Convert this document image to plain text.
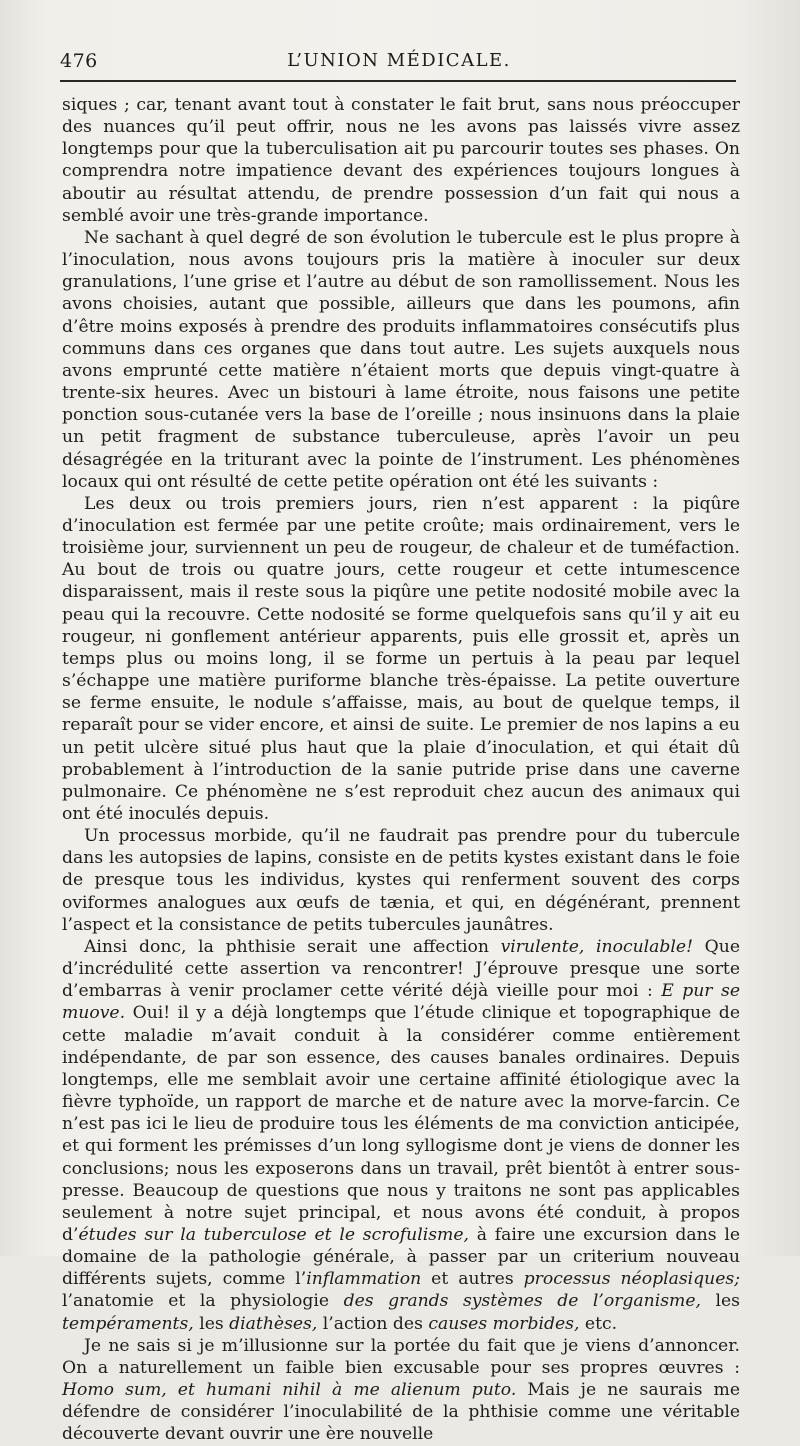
476	L’UNION MÉDICALE.

siques ; car, tenant avant tout à constater le fait brut, sans nous préoccuper des nuances qu’il peut offrir, nous ne les avons pas laissés vivre assez longtemps pour que la tuberculisation ait pu parcourir toutes ses phases. On comprendra notre impatience devant des expériences toujours longues à aboutir au résultat attendu, de prendre possession d’un fait qui nous a semblé avoir une très-grande importance.

Ne sachant à quel degré de son évolution le tubercule est le plus propre à l’inoculation, nous avons toujours pris la matière à inoculer sur deux granulations, l’une grise et l’autre au début de son ramollissement. Nous les avons choisies, autant que possible, ailleurs que dans les poumons, afin d’être moins exposés à prendre des produits inflammatoires consécutifs plus communs dans ces organes que dans tout autre. Les sujets auxquels nous avons emprunté cette matière n’étaient morts que depuis vingt-quatre à trente-six heures. Avec un bistouri à lame étroite, nous faisons une petite ponction sous-cutanée vers la base de l’oreille ; nous insinuons dans la plaie un petit fragment de substance tuberculeuse, après l’avoir un peu désagrégée en la triturant avec la pointe de l’instrument. Les phénomènes locaux qui ont résulté de cette petite opération ont été les suivants :

Les deux ou trois premiers jours, rien n’est apparent : la piqûre d’inoculation est fermée par une petite croûte; mais ordinairement, vers le troisième jour, surviennent un peu de rougeur, de chaleur et de tuméfaction. Au bout de trois ou quatre jours, cette rougeur et cette intumescence disparaissent, mais il reste sous la piqûre une petite nodosité mobile avec la peau qui la recouvre. Cette nodosité se forme quelquefois sans qu’il y ait eu rougeur, ni gonflement antérieur apparents, puis elle grossit et, après un temps plus ou moins long, il se forme un pertuis à la peau par lequel s’échappe une matière puriforme blanche très-épaisse. La petite ouverture se ferme ensuite, le nodule s’affaisse, mais, au bout de quelque temps, il reparaît pour se vider encore, et ainsi de suite. Le premier de nos lapins a eu un petit ulcère situé plus haut que la plaie d’inoculation, et qui était dû probablement à l’introduction de la sanie putride prise dans une caverne pulmonaire. Ce phénomène ne s’est reproduit chez aucun des animaux qui ont été inoculés depuis.

Un processus morbide, qu’il ne faudrait pas prendre pour du tubercule dans les autopsies de lapins, consiste en de petits kystes existant dans le foie de presque tous les individus, kystes qui renferment souvent des corps oviformes analogues aux œufs de tænia, et qui, en dégénérant, prennent l’aspect et la consistance de petits tubercules jaunâtres.

Ainsi donc, la phthisie serait une affection virulente, inoculable! Que d’incrédulité cette assertion va rencontrer! J’éprouve presque une sorte d’embarras à venir proclamer cette vérité déjà vieille pour moi : E pur se muove. Oui! il y a déjà longtemps que l’étude clinique et topographique de cette maladie m’avait conduit à la considérer comme entièrement indépendante, de par son essence, des causes banales ordinaires. Depuis longtemps, elle me semblait avoir une certaine affinité étiologique avec la fièvre typhoïde, un rapport de marche et de nature avec la morve-farcin. Ce n’est pas ici le lieu de produire tous les éléments de ma conviction anticipée, et qui forment les prémisses d’un long syllogisme dont je viens de donner les conclusions; nous les exposerons dans un travail, prêt bientôt à entrer sous-presse. Beaucoup de questions que nous y traitons ne sont pas applicables seulement à notre sujet principal, et nous avons été conduit, à propos d’études sur la tuberculose et le scrofulisme, à faire une excursion dans le domaine de la pathologie générale, à passer par un criterium nouveau différents sujets, comme l’inflammation et autres processus néoplasiques; l’anatomie et la physiologie des grands systèmes de l’organisme, les tempéraments, les diathèses, l’action des causes morbides, etc.

Je ne sais si je m’illusionne sur la portée du fait que je viens d’annoncer. On a naturellement un faible bien excusable pour ses propres œuvres : Homo sum, et humani nihil à me alienum puto. Mais je ne saurais me défendre de considérer l’inoculabilité de la phthisie comme une véritable découverte devant ouvrir une ère nouvelle
